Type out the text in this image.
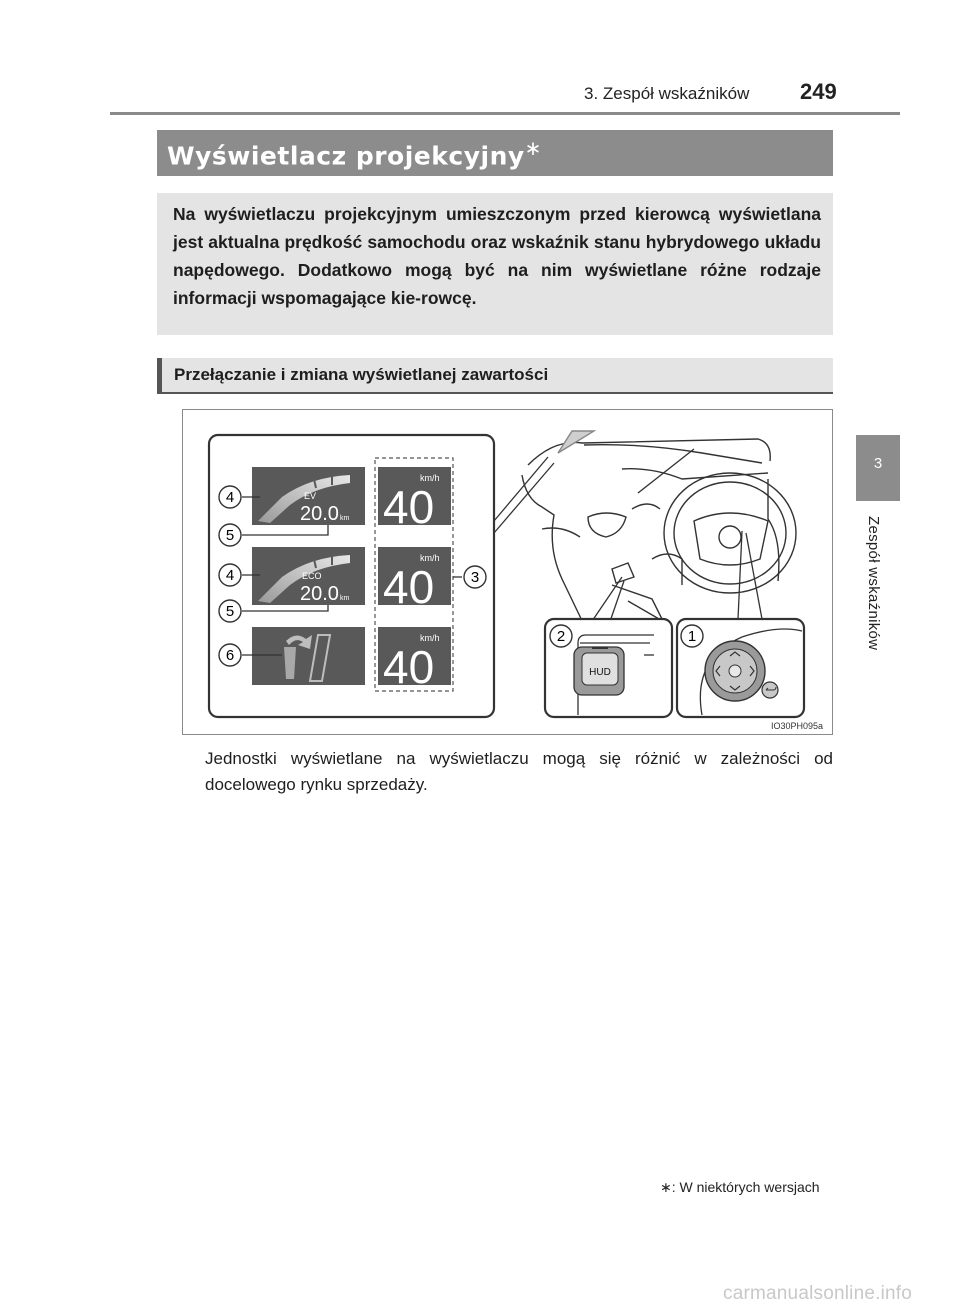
3. Zespół wskaźników 249
3
Zespół wskaźników
Wyświetlacz projekcyjny∗
Na wyświetlaczu projekcyjnym umieszczonym przed kierowcą wyświetlana jest aktualna prędkość samochodu oraz wskaźnik stanu hybrydowego układu napędowego. Dodatkowo mogą być na nim wyświetlane różne rodzaje informacji wspomagające kie-rowcę.
Przełączanie i zmiana wyświetlanej zawartości
EV
20.0 km
km/h
40
ECO
20.0 km
km/h
40
km/h
40
4
5
4
5
6
3
HUD
2	1
IO30PH095a
Jednostki wyświetlane na wyświetlaczu mogą się różnić w zależności od docelowego rynku sprzedaży.
∗: W niektórych wersjach
carmanualsonline.info
